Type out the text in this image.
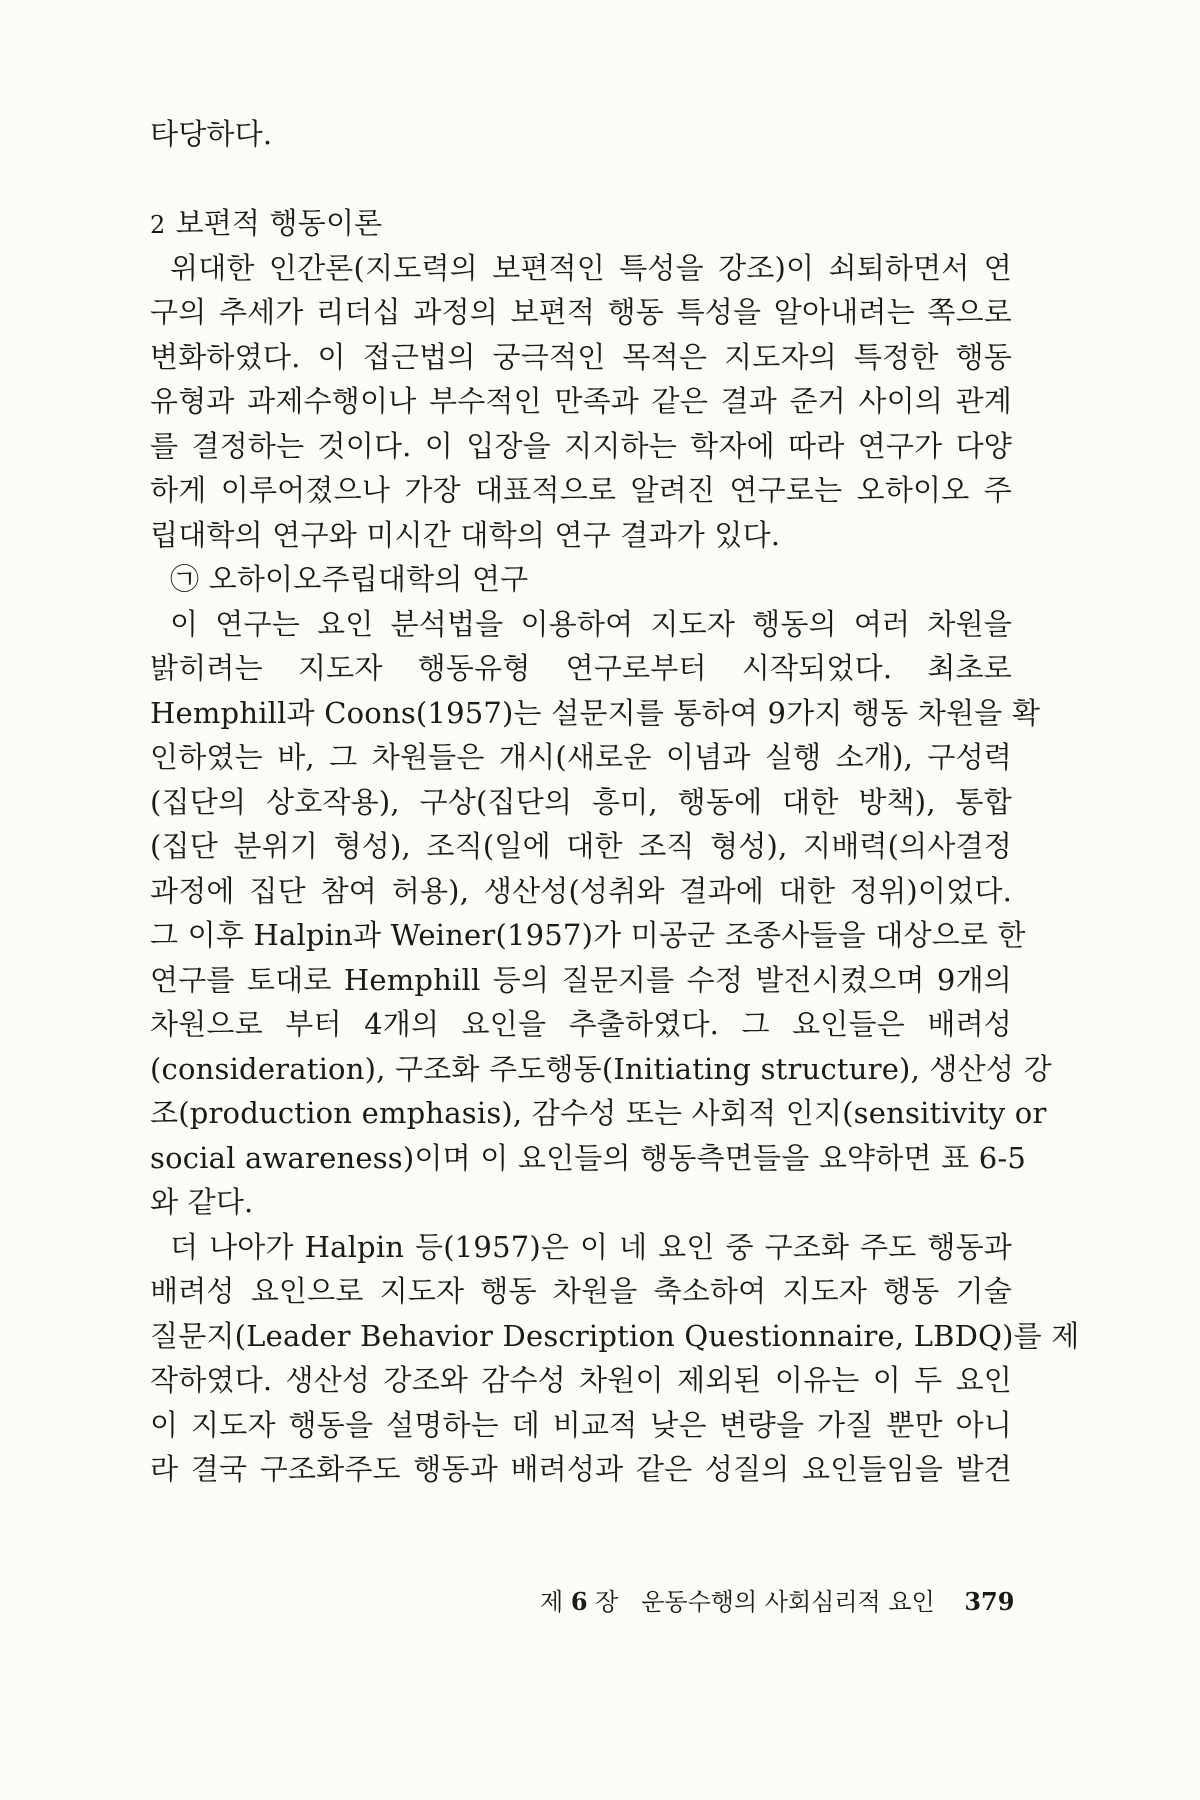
타당하다.
2 보편적 행동이론
위대한 인간론(지도력의 보편적인 특성을 강조)이 쇠퇴하면서 연
구의 추세가 리더십 과정의 보편적 행동 특성을 알아내려는 쪽으로
변화하였다. 이 접근법의 궁극적인 목적은 지도자의 특정한 행동
유형과 과제수행이나 부수적인 만족과 같은 결과 준거 사이의 관계
를 결정하는 것이다. 이 입장을 지지하는 학자에 따라 연구가 다양
하게 이루어졌으나 가장 대표적으로 알려진 연구로는 오하이오 주
립대학의 연구와 미시간 대학의 연구 결과가 있다.
㉠ 오하이오주립대학의 연구
이 연구는 요인 분석법을 이용하여 지도자 행동의 여러 차원을
밝히려는 지도자 행동유형 연구로부터 시작되었다. 최초로
Hemphill과 Coons(1957)는 설문지를 통하여 9가지 행동 차원을 확
인하였는 바, 그 차원들은 개시(새로운 이념과 실행 소개), 구성력
(집단의 상호작용), 구상(집단의 흥미, 행동에 대한 방책), 통합
(집단 분위기 형성), 조직(일에 대한 조직 형성), 지배력(의사결정
과정에 집단 참여 허용), 생산성(성취와 결과에 대한 정위)이었다.
그 이후 Halpin과 Weiner(1957)가 미공군 조종사들을 대상으로 한
연구를 토대로 Hemphill 등의 질문지를 수정 발전시켰으며 9개의
차원으로 부터 4개의 요인을 추출하였다. 그 요인들은 배려성
(consideration), 구조화 주도행동(Initiating structure), 생산성 강
조(production emphasis), 감수성 또는 사회적 인지(sensitivity or
social awareness)이며 이 요인들의 행동측면들을 요약하면 표 6-5
와 같다.
더 나아가 Halpin 등(1957)은 이 네 요인 중 구조화 주도 행동과
배려성 요인으로 지도자 행동 차원을 축소하여 지도자 행동 기술
질문지(Leader Behavior Description Questionnaire, LBDQ)를 제
작하였다. 생산성 강조와 감수성 차원이 제외된 이유는 이 두 요인
이 지도자 행동을 설명하는 데 비교적 낮은 변량을 가질 뿐만 아니
라 결국 구조화주도 행동과 배려성과 같은 성질의 요인들임을 발견
제 6 장 운동수행의 사회심리적 요인 379
